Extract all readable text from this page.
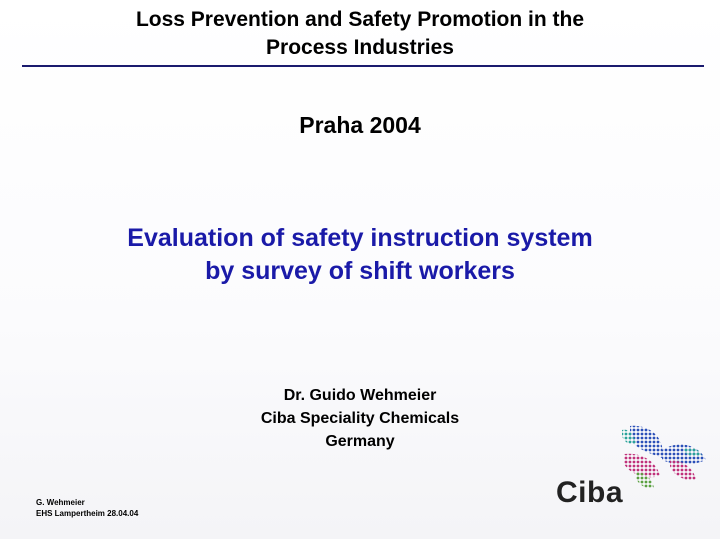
Loss Prevention and Safety Promotion in the
Process Industries
Praha 2004
Evaluation of safety instruction system
by survey of shift workers
Dr. Guido Wehmeier
Ciba Speciality Chemicals
Germany
G. Wehmeier
EHS Lampertheim 28.04.04
Ciba
